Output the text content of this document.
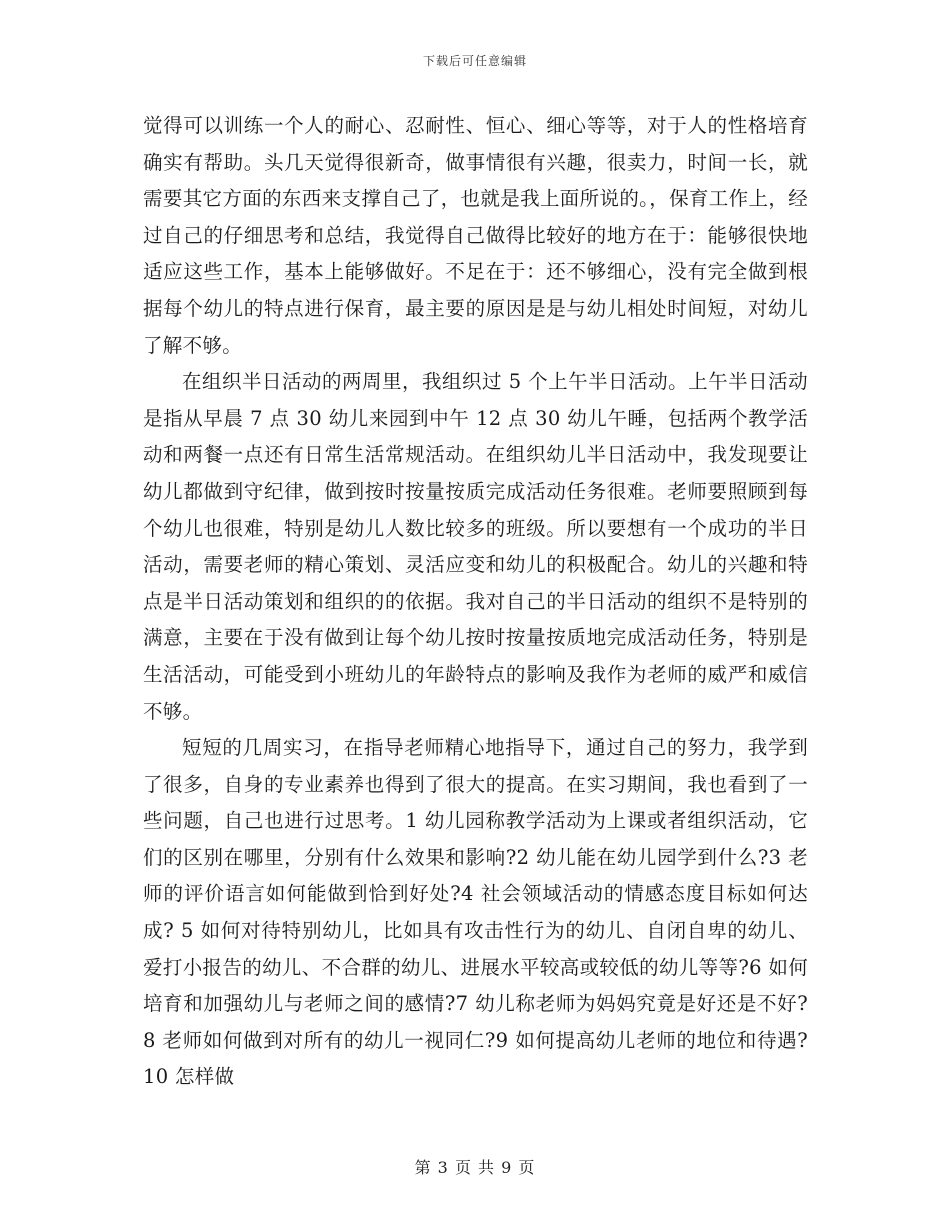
下载后可任意编辑

觉得可以训练一个人的耐心、忍耐性、恒心、细心等等，对于人的性格培育确实有帮助。头几天觉得很新奇，做事情很有兴趣，很卖力，时间一长，就需要其它方面的东西来支撑自己了，也就是我上面所说的。，保育工作上，经过自己的仔细思考和总结，我觉得自己做得比较好的地方在于：能够很快地适应这些工作，基本上能够做好。不足在于：还不够细心，没有完全做到根据每个幼儿的特点进行保育，最主要的原因是是与幼儿相处时间短，对幼儿了解不够。

在组织半日活动的两周里，我组织过 5 个上午半日活动。上午半日活动是指从早晨 7 点 30 幼儿来园到中午 12 点 30 幼儿午睡，包括两个教学活动和两餐一点还有日常生活常规活动。在组织幼儿半日活动中，我发现要让幼儿都做到守纪律，做到按时按量按质完成活动任务很难。老师要照顾到每个幼儿也很难，特别是幼儿人数比较多的班级。所以要想有一个成功的半日活动，需要老师的精心策划、灵活应变和幼儿的积极配合。幼儿的兴趣和特点是半日活动策划和组织的的依据。我对自己的半日活动的组织不是特别的满意，主要在于没有做到让每个幼儿按时按量按质地完成活动任务，特别是生活活动，可能受到小班幼儿的年龄特点的影响及我作为老师的威严和威信不够。

短短的几周实习，在指导老师精心地指导下，通过自己的努力，我学到了很多，自身的专业素养也得到了很大的提高。在实习期间，我也看到了一些问题，自己也进行过思考。1 幼儿园称教学活动为上课或者组织活动，它们的区别在哪里，分别有什么效果和影响?2 幼儿能在幼儿园学到什么?3 老师的评价语言如何能做到恰到好处?4 社会领域活动的情感态度目标如何达成? 5 如何对待特别幼儿，比如具有攻击性行为的幼儿、自闭自卑的幼儿、爱打小报告的幼儿、不合群的幼儿、进展水平较高或较低的幼儿等等?6 如何培育和加强幼儿与老师之间的感情?7 幼儿称老师为妈妈究竟是好还是不好?8 老师如何做到对所有的幼儿一视同仁?9 如何提高幼儿老师的地位和待遇?10 怎样做

第 3 页 共 9 页
